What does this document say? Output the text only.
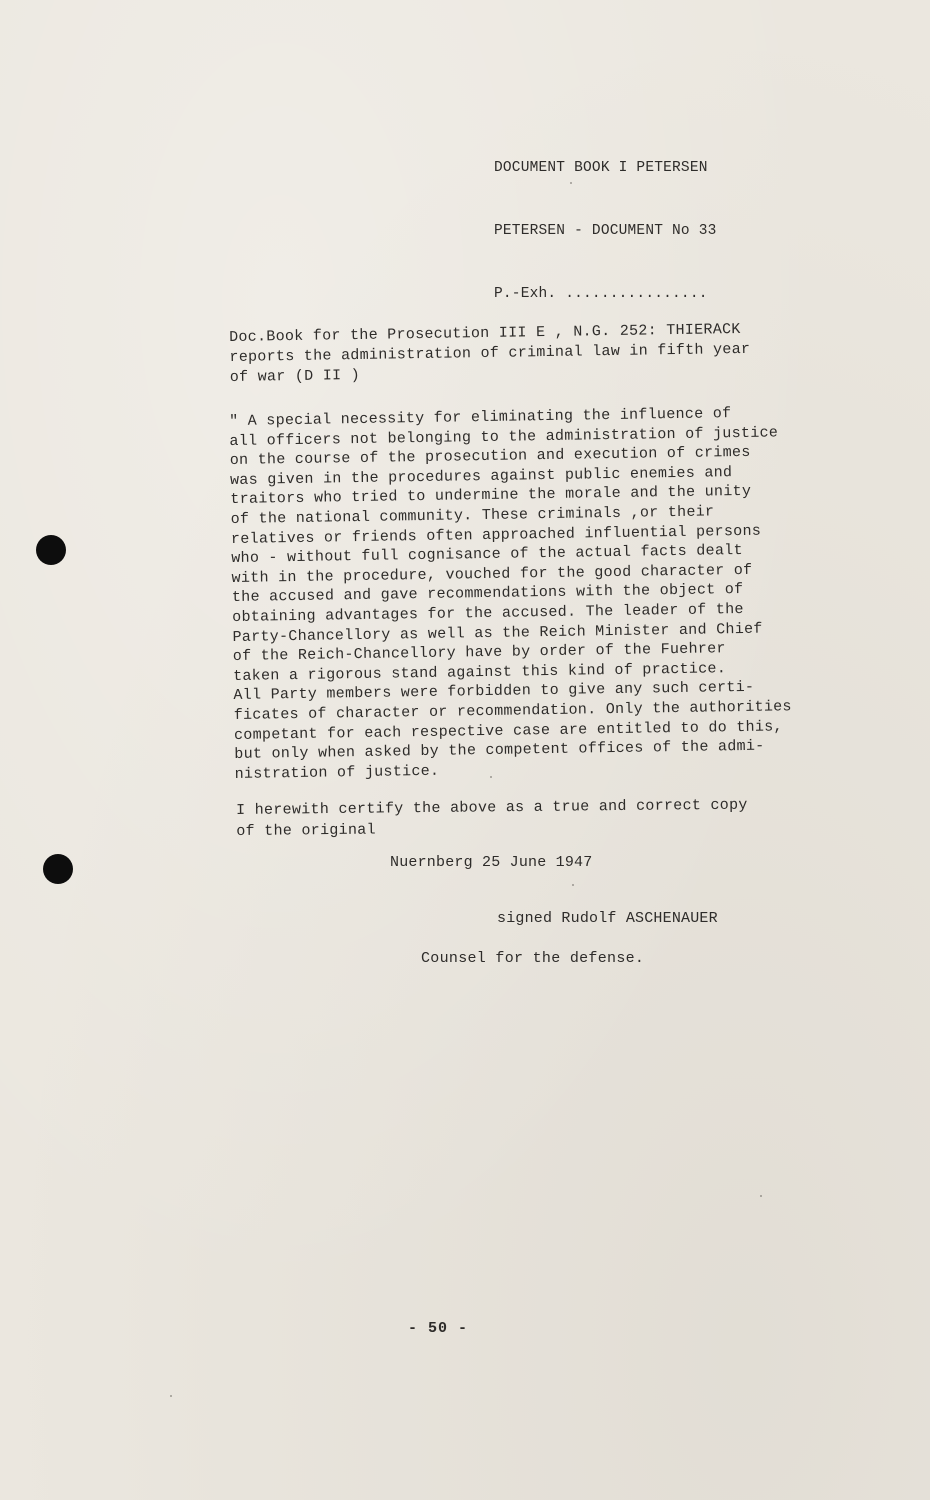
DOCUMENT BOOK I PETERSEN

PETERSEN - DOCUMENT No 33

P.-Exh. ................

Doc.Book for the Prosecution III E , N.G. 252: THIERACK
reports the administration of criminal law in fifth year
of war (D II )
" A special necessity for eliminating the influence of
all officers not belonging to the administration of justice
on the course of the prosecution and execution of crimes
was given in the procedures against public enemies and
traitors who tried to undermine the morale and the unity
of the national community. These criminals ,or their
relatives or friends often approached influential persons
who - without full cognisance of the actual facts dealt
with in the procedure, vouched for the good character of
the accused and gave recommendations with the object of
obtaining advantages for the accused. The leader of the
Party-Chancellory as well as the Reich Minister and Chief
of the Reich-Chancellory have by order of the Fuehrer
taken a rigorous stand against this kind of practice.
All Party members were forbidden to give any such certi-
ficates of character or recommendation. Only the authorities
competant for each respective case are entitled to do this,
but only when asked by the competent offices of the admi-
nistration of justice.
I herewith certify the above as a true and correct copy
of the original
Nuernberg 25 June 1947
signed Rudolf ASCHENAUER
Counsel for the defense.
- 50 -
